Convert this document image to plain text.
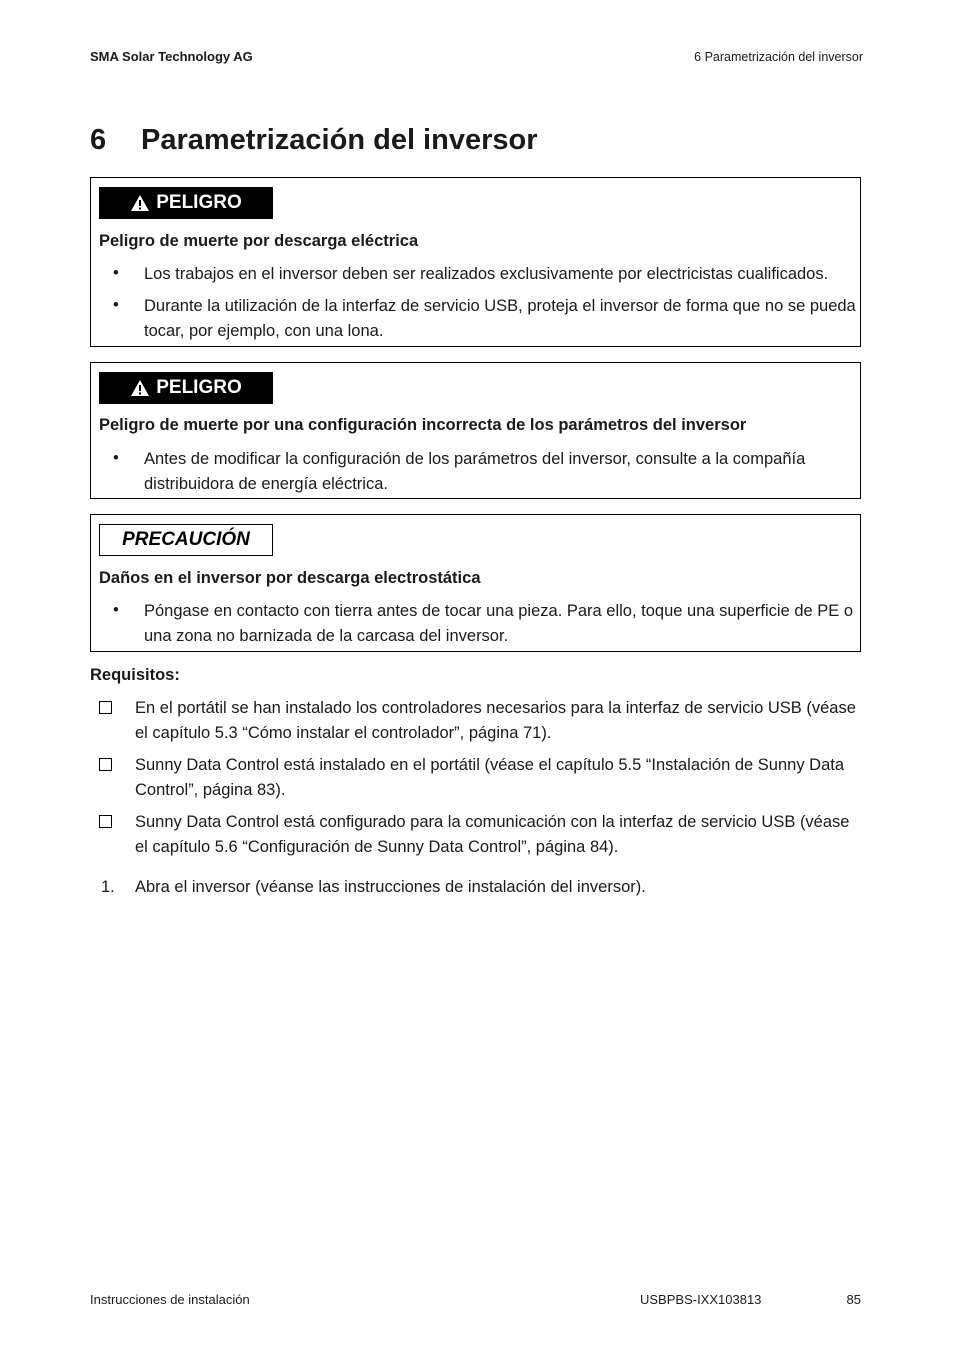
SMA Solar Technology AG	6 Parametrización del inversor
6 Parametrización del inversor
PELIGRO
Peligro de muerte por descarga eléctrica
• Los trabajos en el inversor deben ser realizados exclusivamente por electricistas cualificados.
• Durante la utilización de la interfaz de servicio USB, proteja el inversor de forma que no se pueda tocar, por ejemplo, con una lona.
PELIGRO
Peligro de muerte por una configuración incorrecta de los parámetros del inversor
• Antes de modificar la configuración de los parámetros del inversor, consulte a la compañía distribuidora de energía eléctrica.
PRECAUCIÓN
Daños en el inversor por descarga electrostática
• Póngase en contacto con tierra antes de tocar una pieza. Para ello, toque una superficie de PE o una zona no barnizada de la carcasa del inversor.
Requisitos:
En el portátil se han instalado los controladores necesarios para la interfaz de servicio USB (véase el capítulo 5.3 “Cómo instalar el controlador”, página 71).
Sunny Data Control está instalado en el portátil (véase el capítulo 5.5 “Instalación de Sunny Data Control”, página 83).
Sunny Data Control está configurado para la comunicación con la interfaz de servicio USB (véase el capítulo 5.6 “Configuración de Sunny Data Control”, página 84).
1. Abra el inversor (véanse las instrucciones de instalación del inversor).
Instrucciones de instalación	USBPBS-IXX103813	85
